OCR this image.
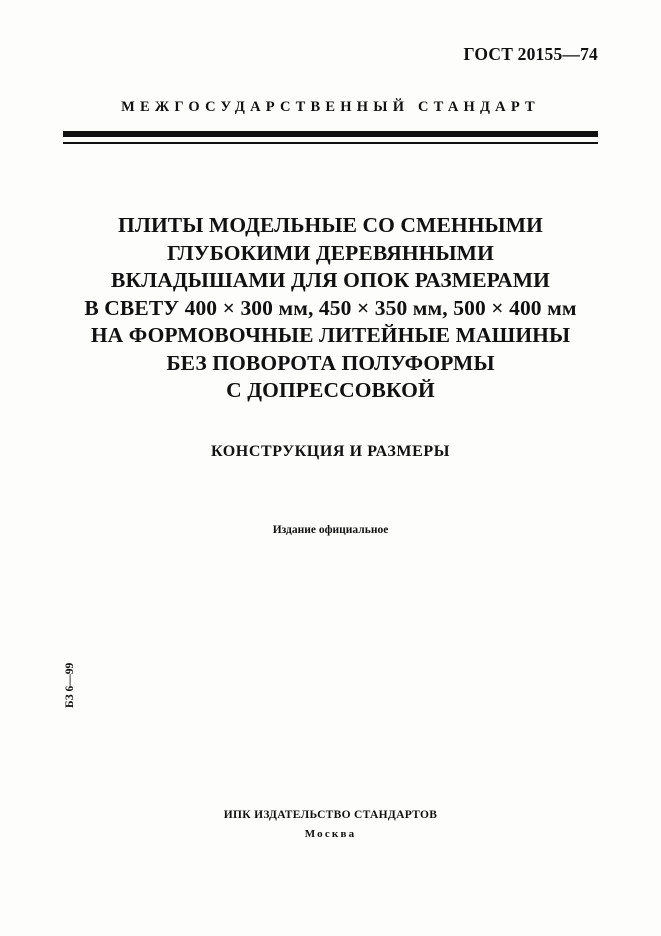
ГОСТ 20155—74
МЕЖГОСУДАРСТВЕННЫЙ СТАНДАРТ
ПЛИТЫ МОДЕЛЬНЫЕ СО СМЕННЫМИ
ГЛУБОКИМИ ДЕРЕВЯННЫМИ
ВКЛАДЫШАМИ ДЛЯ ОПОК РАЗМЕРАМИ
В СВЕТУ 400 × 300 мм, 450 × 350 мм, 500 × 400 мм
НА ФОРМОВОЧНЫЕ ЛИТЕЙНЫЕ МАШИНЫ
БЕЗ ПОВОРОТА ПОЛУФОРМЫ
С ДОПРЕССОВКОЙ
КОНСТРУКЦИЯ И РАЗМЕРЫ
Издание официальное
БЗ 6—99
ИПК ИЗДАТЕЛЬСТВО СТАНДАРТОВ
Москва
